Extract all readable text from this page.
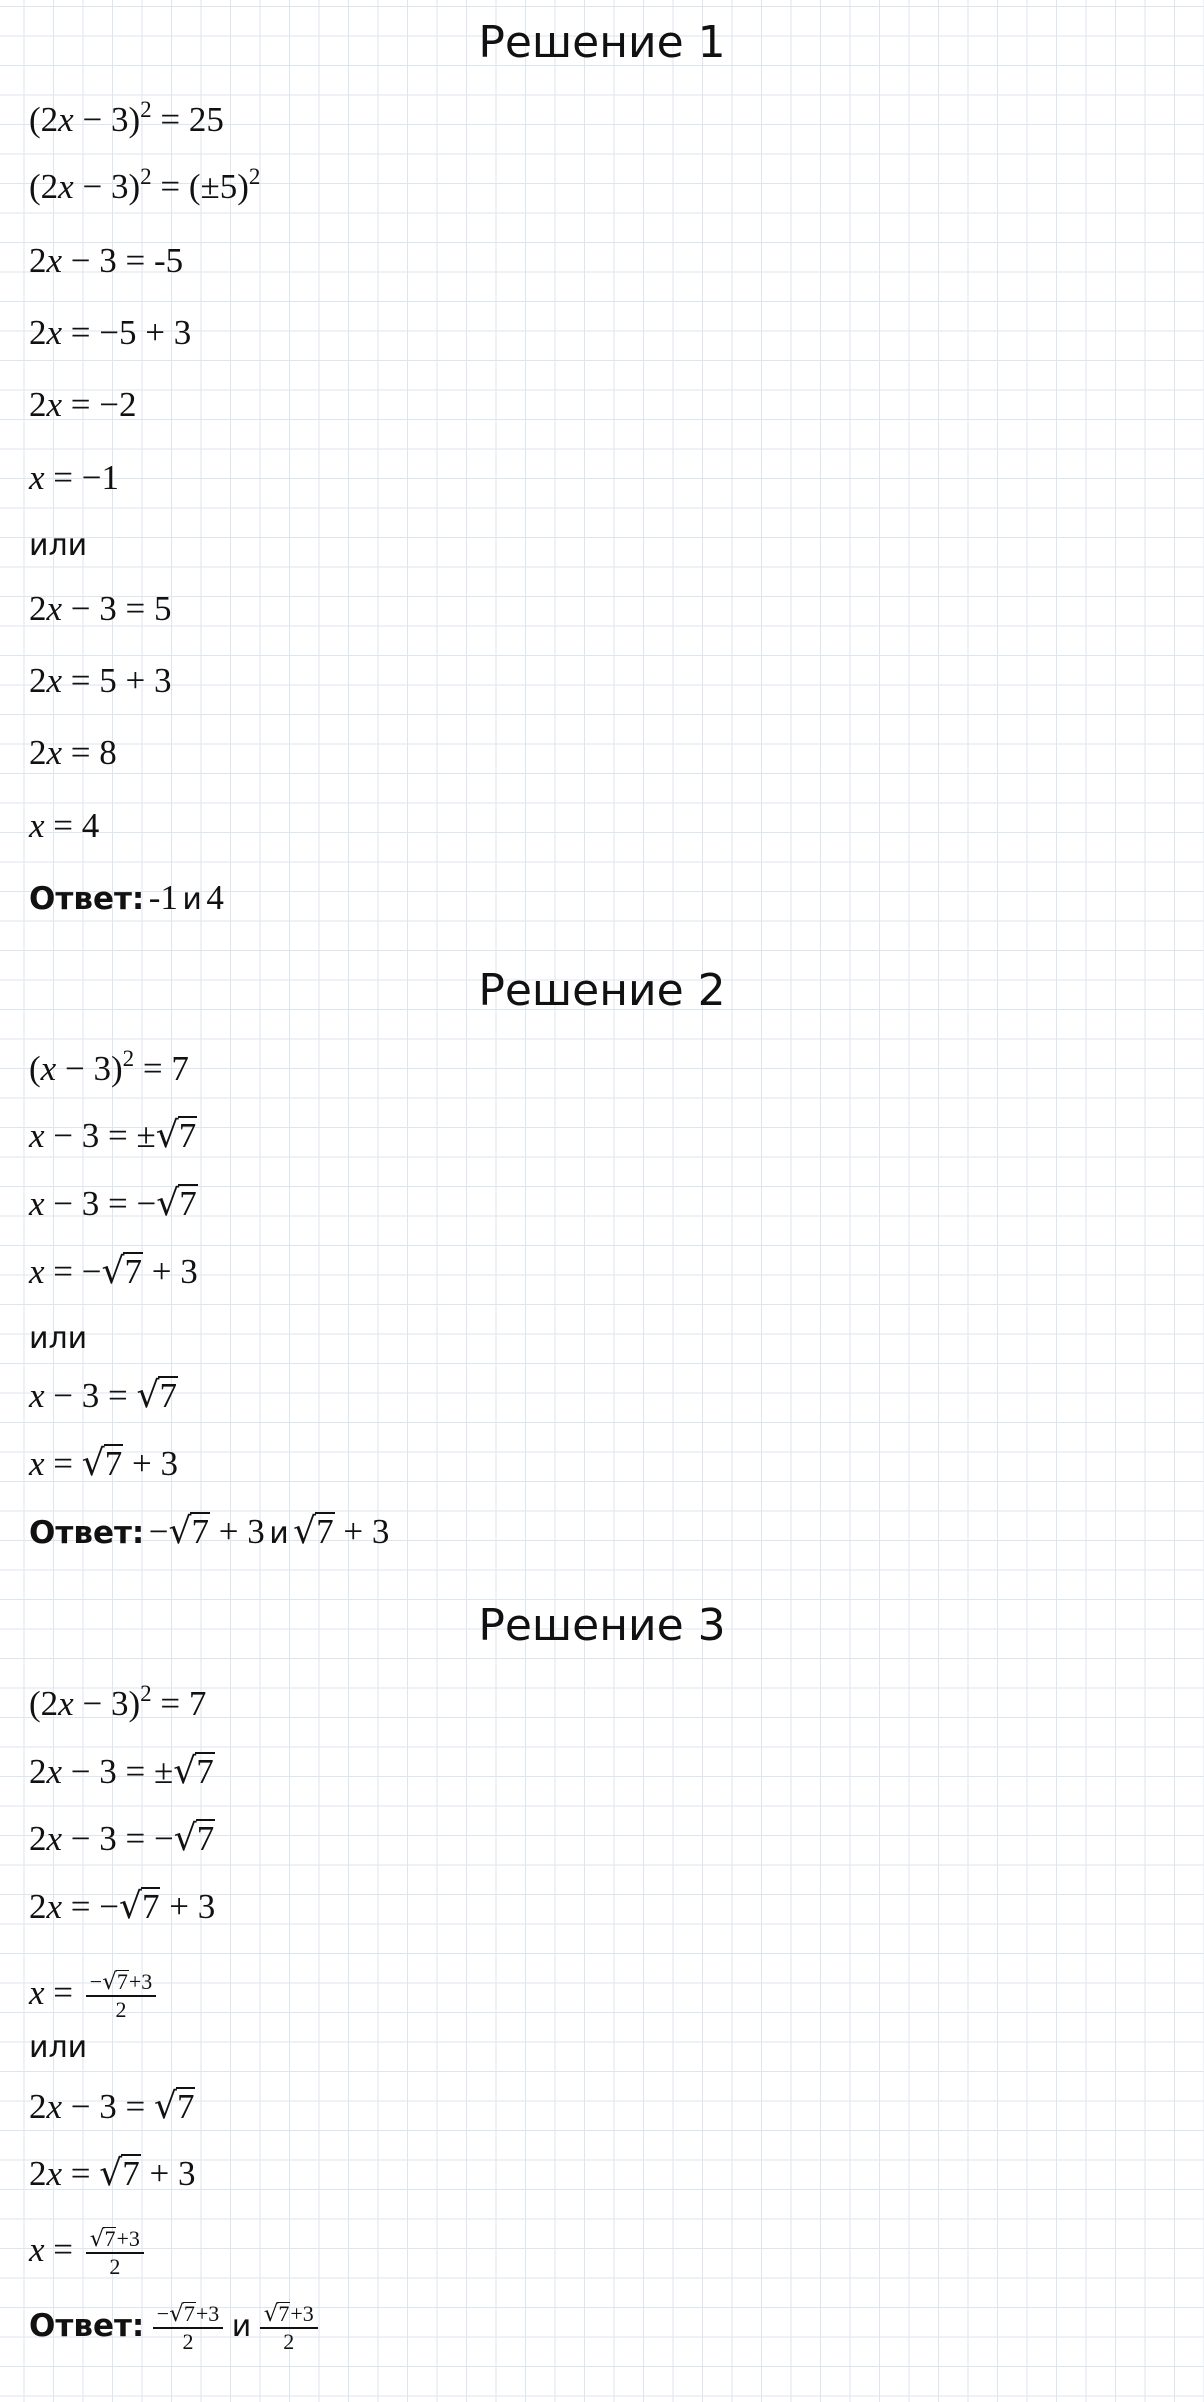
Решение 1
$(2x - 3)^2 = 25$
$(2x - 3)^2 = (\pm 5)^2$
2x − 3 = -5
2x = −5 + 3
2x = −2
x = −1
или
2x − 3 = 5
2x = 5 + 3
2x = 8
x = 4
Ответ: -1 и 4
Решение 2
$(x - 3)^2 = 7$
x − 3 = ±√7
x − 3 = −√7
x = −√7 + 3
или
x − 3 = √7
x = √7 + 3
Ответ: −√7 + 3 и √7 + 3
Решение 3
$(2x - 3)^2 = 7$
2x − 3 = ±√7
2x − 3 = −√7
2x = −√7 + 3
$x = \frac{-√7+3}{2}$
или
2x − 3 = √7
2x = √7 + 3
$x = \frac{√7+3}{2}$
Ответ: $\frac{-√7+3}{2}$ и $\frac{√7+3}{2}$
